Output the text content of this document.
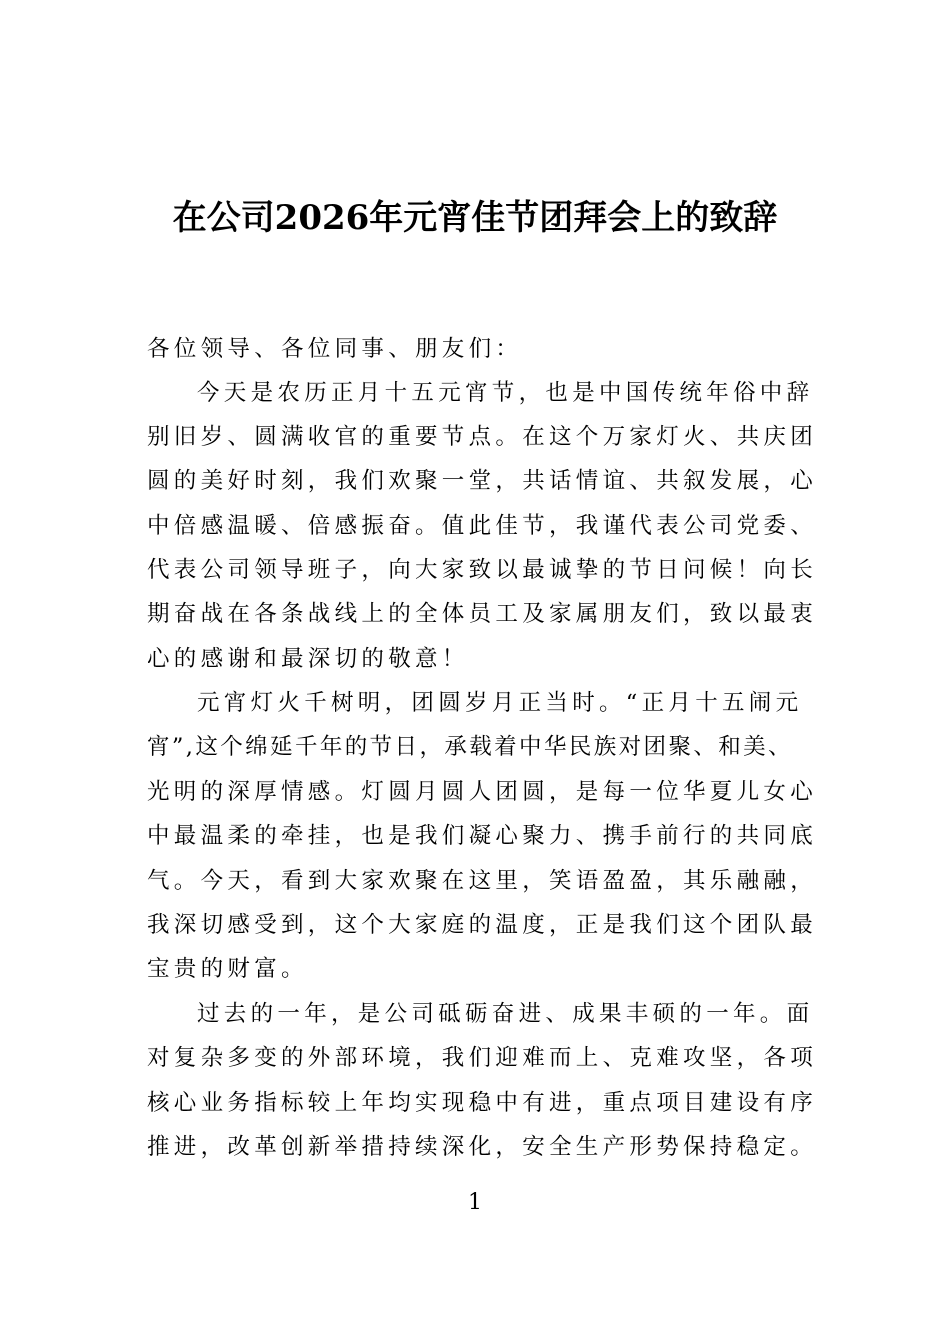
在公司2026年元宵佳节团拜会上的致辞
各位领导、各位同事、朋友们：
今天是农历正月十五元宵节，也是中国传统年俗中辞
别旧岁、圆满收官的重要节点。在这个万家灯火、共庆团
圆的美好时刻，我们欢聚一堂，共话情谊、共叙发展，心
中倍感温暖、倍感振奋。值此佳节，我谨代表公司党委、
代表公司领导班子，向大家致以最诚挚的节日问候！向长
期奋战在各条战线上的全体员工及家属朋友们，致以最衷
心的感谢和最深切的敬意！
元宵灯火千树明，团圆岁月正当时。“正月十五闹元
宵”,这个绵延千年的节日，承载着中华民族对团聚、和美、
光明的深厚情感。灯圆月圆人团圆，是每一位华夏儿女心
中最温柔的牵挂，也是我们凝心聚力、携手前行的共同底
气。今天，看到大家欢聚在这里，笑语盈盈，其乐融融，
我深切感受到，这个大家庭的温度，正是我们这个团队最
宝贵的财富。
过去的一年，是公司砥砺奋进、成果丰硕的一年。面
对复杂多变的外部环境，我们迎难而上、克难攻坚，各项
核心业务指标较上年均实现稳中有进，重点项目建设有序
推进，改革创新举措持续深化，安全生产形势保持稳定。
1
